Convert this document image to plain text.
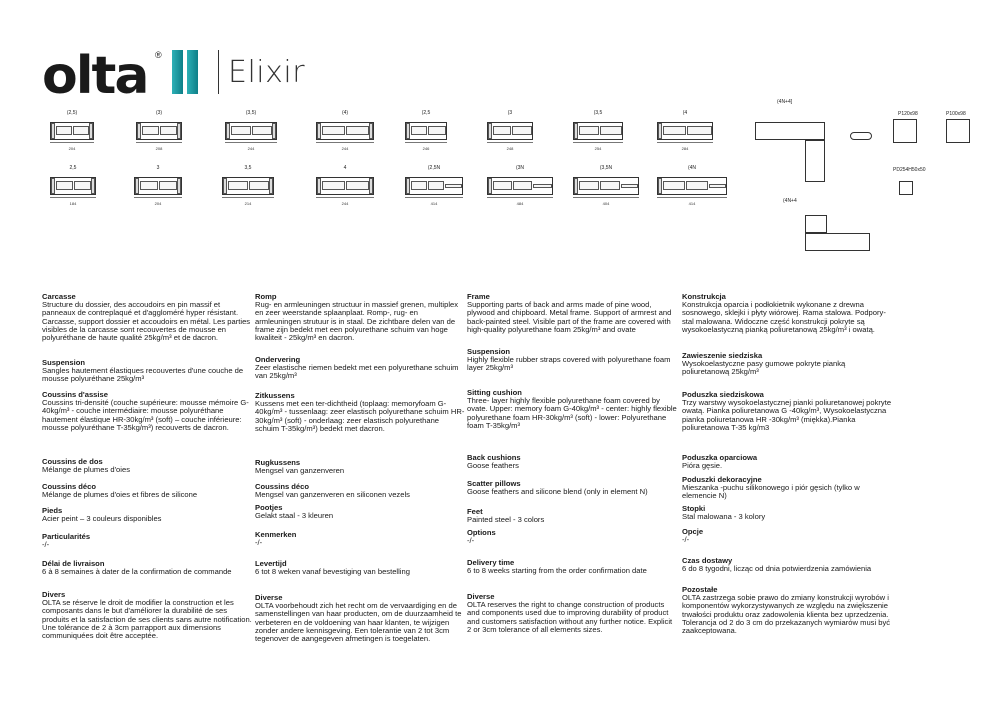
olta ® Elixir
(2,5)
204
(3)
208
(3,5)
244
(4)
244
(2,5
246
(3
248
(3,5
254
(4
284
(4N+4]
P120x98	P100x98
PD254H50x50
2,5
184
3
204
3,5
214
4
244
(2,5N
414
(3N
484
(3,5N
404
(4N
414	(4N+4
Carcasse

Structure du dossier, des accoudoirs en pin massif et panneaux de contreplaqué et d'aggloméré hyper résistant. Carcasse, support dossier et accoudoirs en métal. Les parties visibles de la carcasse sont recouvertes de mousse en polyuréthane de haute qualité 25kg/m³ et de dacron.

Suspension

Sangles hautement élastiques recouvertes d'une couche de mousse polyuréthane 25kg/m³

Coussins d'assise

Coussins tri-densité (couche supérieure: mousse mémoire G-40kg/m³ - couche intermédiaire: mousse polyuréthane hautement élastique HR-30kg/m³ (soft) – couche inférieure: mousse polyuréthane T-35kg/m³) recouverts de dacron.

Coussins de dos

Mélange de plumes d'oies

Coussins déco

Mélange de plumes d'oies et fibres de silicone

Pieds

Acier peint – 3 couleurs disponibles

Particularités

-/-

Délai de livraison

6 à 8 semaines à dater de la confirmation de commande

Divers

OLTA se réserve le droit de modifier la construction et les composants dans le but d'améliorer la durabilité de ses produits et la satisfaction de ses clients sans autre notification. Une tolérance de 2 à 3cm parrapport aux dimensions communiquées doit être acceptée.

Romp

Rug- en armleuningen structuur in massief grenen, multiplex en zeer weerstande splaanplaat. Romp-, rug- en armleuningen strutuur is in staal. De zichtbare delen van de frame zijn bedekt met een polyurethane schuim van hoge kwaliteit - 25kg/m³ en dacron.

Ondervering

Zeer elastische riemen bedekt met een polyurethane schuim van 25kg/m³

Zitkussens

Kussens met een ter-dichtheid (toplaag: memoryfoam G-40kg/m³ - tussenlaag: zeer elastisch polyurethane schuim HR-30kg/m³ (soft) - onderlaag: zeer elastisch polyurethane schuim T-35kg/m³) bedekt met dacron.

Rugkussens

Mengsel van ganzenveren

Coussins déco

Mengsel van ganzenveren en siliconen vezels

Pootjes

Gelakt staal - 3 kleuren

Kenmerken

-/-

Levertijd

6 tot 8 weken vanaf bevestiging van bestelling

Diverse

OLTA voorbehoudt zich het recht om de vervaardiging en de samenstellingen van haar producten, om de duurzaamheid te verbeteren en de voldoening van haar klanten, te wijzigen zonder andere kennisgeving. Een tolerantie van 2 tot 3cm tegenover de aangegeven afmetingen is toegelaten.

Frame

Supporting parts of back and arms made of pine wood, plywood and chipboard. Metal frame. Support of armrest and back-painted steel. Visible part of the frame are covered with high-quality polyurethane foam 25kg/m³ and ovate

Suspension

Highly flexible rubber straps covered with polyurethane foam layer 25kg/m³

Sitting cushion

Three- layer highly flexible polyurethane foam covered by ovate. Upper: memory foam G-40kg/m³ - center: highly flexible polyurethane foam HR-30kg/m³ (soft) - lower: Polyurethane foam T-35kg/m³

Back cushions

Goose feathers

Scatter pillows

Goose feathers and silicone blend (only in element N)

Feet

Painted steel - 3 colors

Options

-/-

Delivery time

6 to 8 weeks starting from the order confirmation date

Diverse

OLTA reserves the right to change construction of products and components used due to improving durability of product and customers satisfaction without any further notice. Explicit 2 or 3cm tolerance of all elements sizes.

Konstrukcja

Konstrukcja oparcia i podłokietnik wykonane z drewna sosnowego, sklejki i płyty wiórowej. Rama stalowa. Podpory-stal malowana. Widoczne część konstrukcji pokryte są wysokoelastyczną pianką poliuretanową 25kg/m³ i owatą.

Zawieszenie siedziska

Wysokoelastyczne pasy gumowe pokryte pianką poliuretanową 25kg/m³

Poduszka siedziskowa

Trzy warstwy wysokoelastycznej pianki poliuretanowej pokryte owatą. Pianka poliuretanowa G -40kg/m³, Wysokoelastyczna pianka poliuretanowa HR -30kg/m³ (miękka).Pianka poliuretanowa T-35 kg/m3

Poduszka oparciowa

Pióra gęsie.

Poduszki dekoracyjne

Mieszanka -puchu silikonowego i piór gęsich (tylko w elemencie N)

Stopki

Stal malowana - 3 kolory

Opcje

-/-

Czas dostawy

6 do 8 tygodni, licząc od dnia potwierdzenia zamówienia

Pozostałe

OLTA zastrzega sobie prawo do zmiany konstrukcji wyrobów i komponentów wykorzystywanych ze względu na zwiększenie trwałości produktu oraz zadowolenia klienta bez uprzedzenia. Tolerancja od 2 do 3 cm do przekazanych wymiarów musi być zaakceptowana.
